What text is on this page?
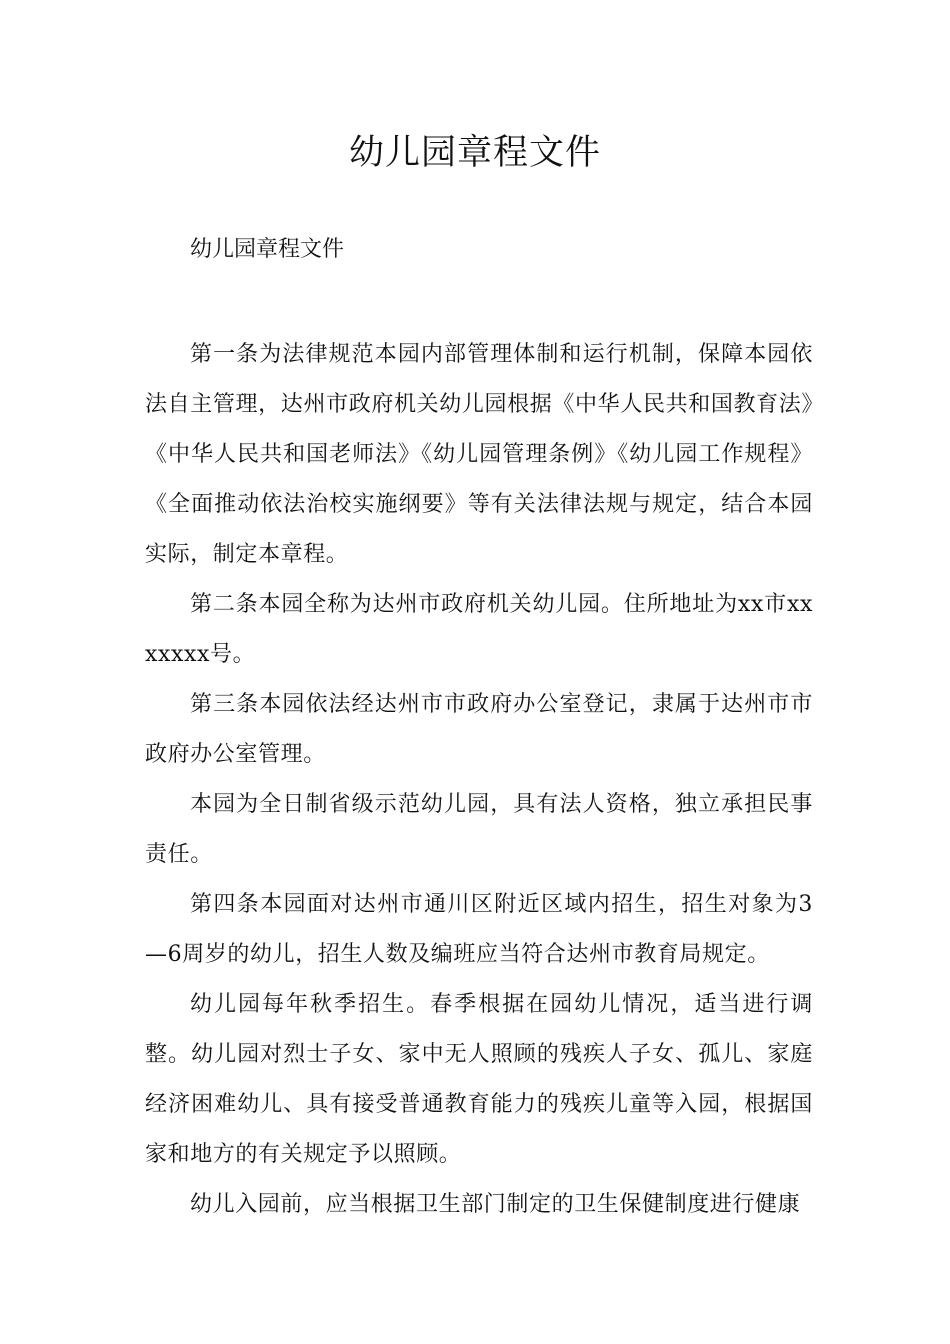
幼儿园章程文件

幼儿园章程文件

第一条为法律规范本园内部管理体制和运行机制，保障本园依法自主管理，达州市政府机关幼儿园根据《中华人民共和国教育法》《中华人民共和国老师法》《幼儿园管理条例》《幼儿园工作规程》《全面推动依法治校实施纲要》等有关法律法规与规定，结合本园实际，制定本章程。

第二条本园全称为达州市政府机关幼儿园。住所地址为xx市xxxxxxx号。

第三条本园依法经达州市市政府办公室登记，隶属于达州市市政府办公室管理。

本园为全日制省级示范幼儿园，具有法人资格，独立承担民事责任。

第四条本园面对达州市通川区附近区域内招生，招生对象为3—6周岁的幼儿，招生人数及编班应当符合达州市教育局规定。

幼儿园每年秋季招生。春季根据在园幼儿情况，适当进行调整。幼儿园对烈士子女、家中无人照顾的残疾人子女、孤儿、家庭经济困难幼儿、具有接受普通教育能力的残疾儿童等入园，根据国家和地方的有关规定予以照顾。

幼儿入园前，应当根据卫生部门制定的卫生保健制度进行健康
